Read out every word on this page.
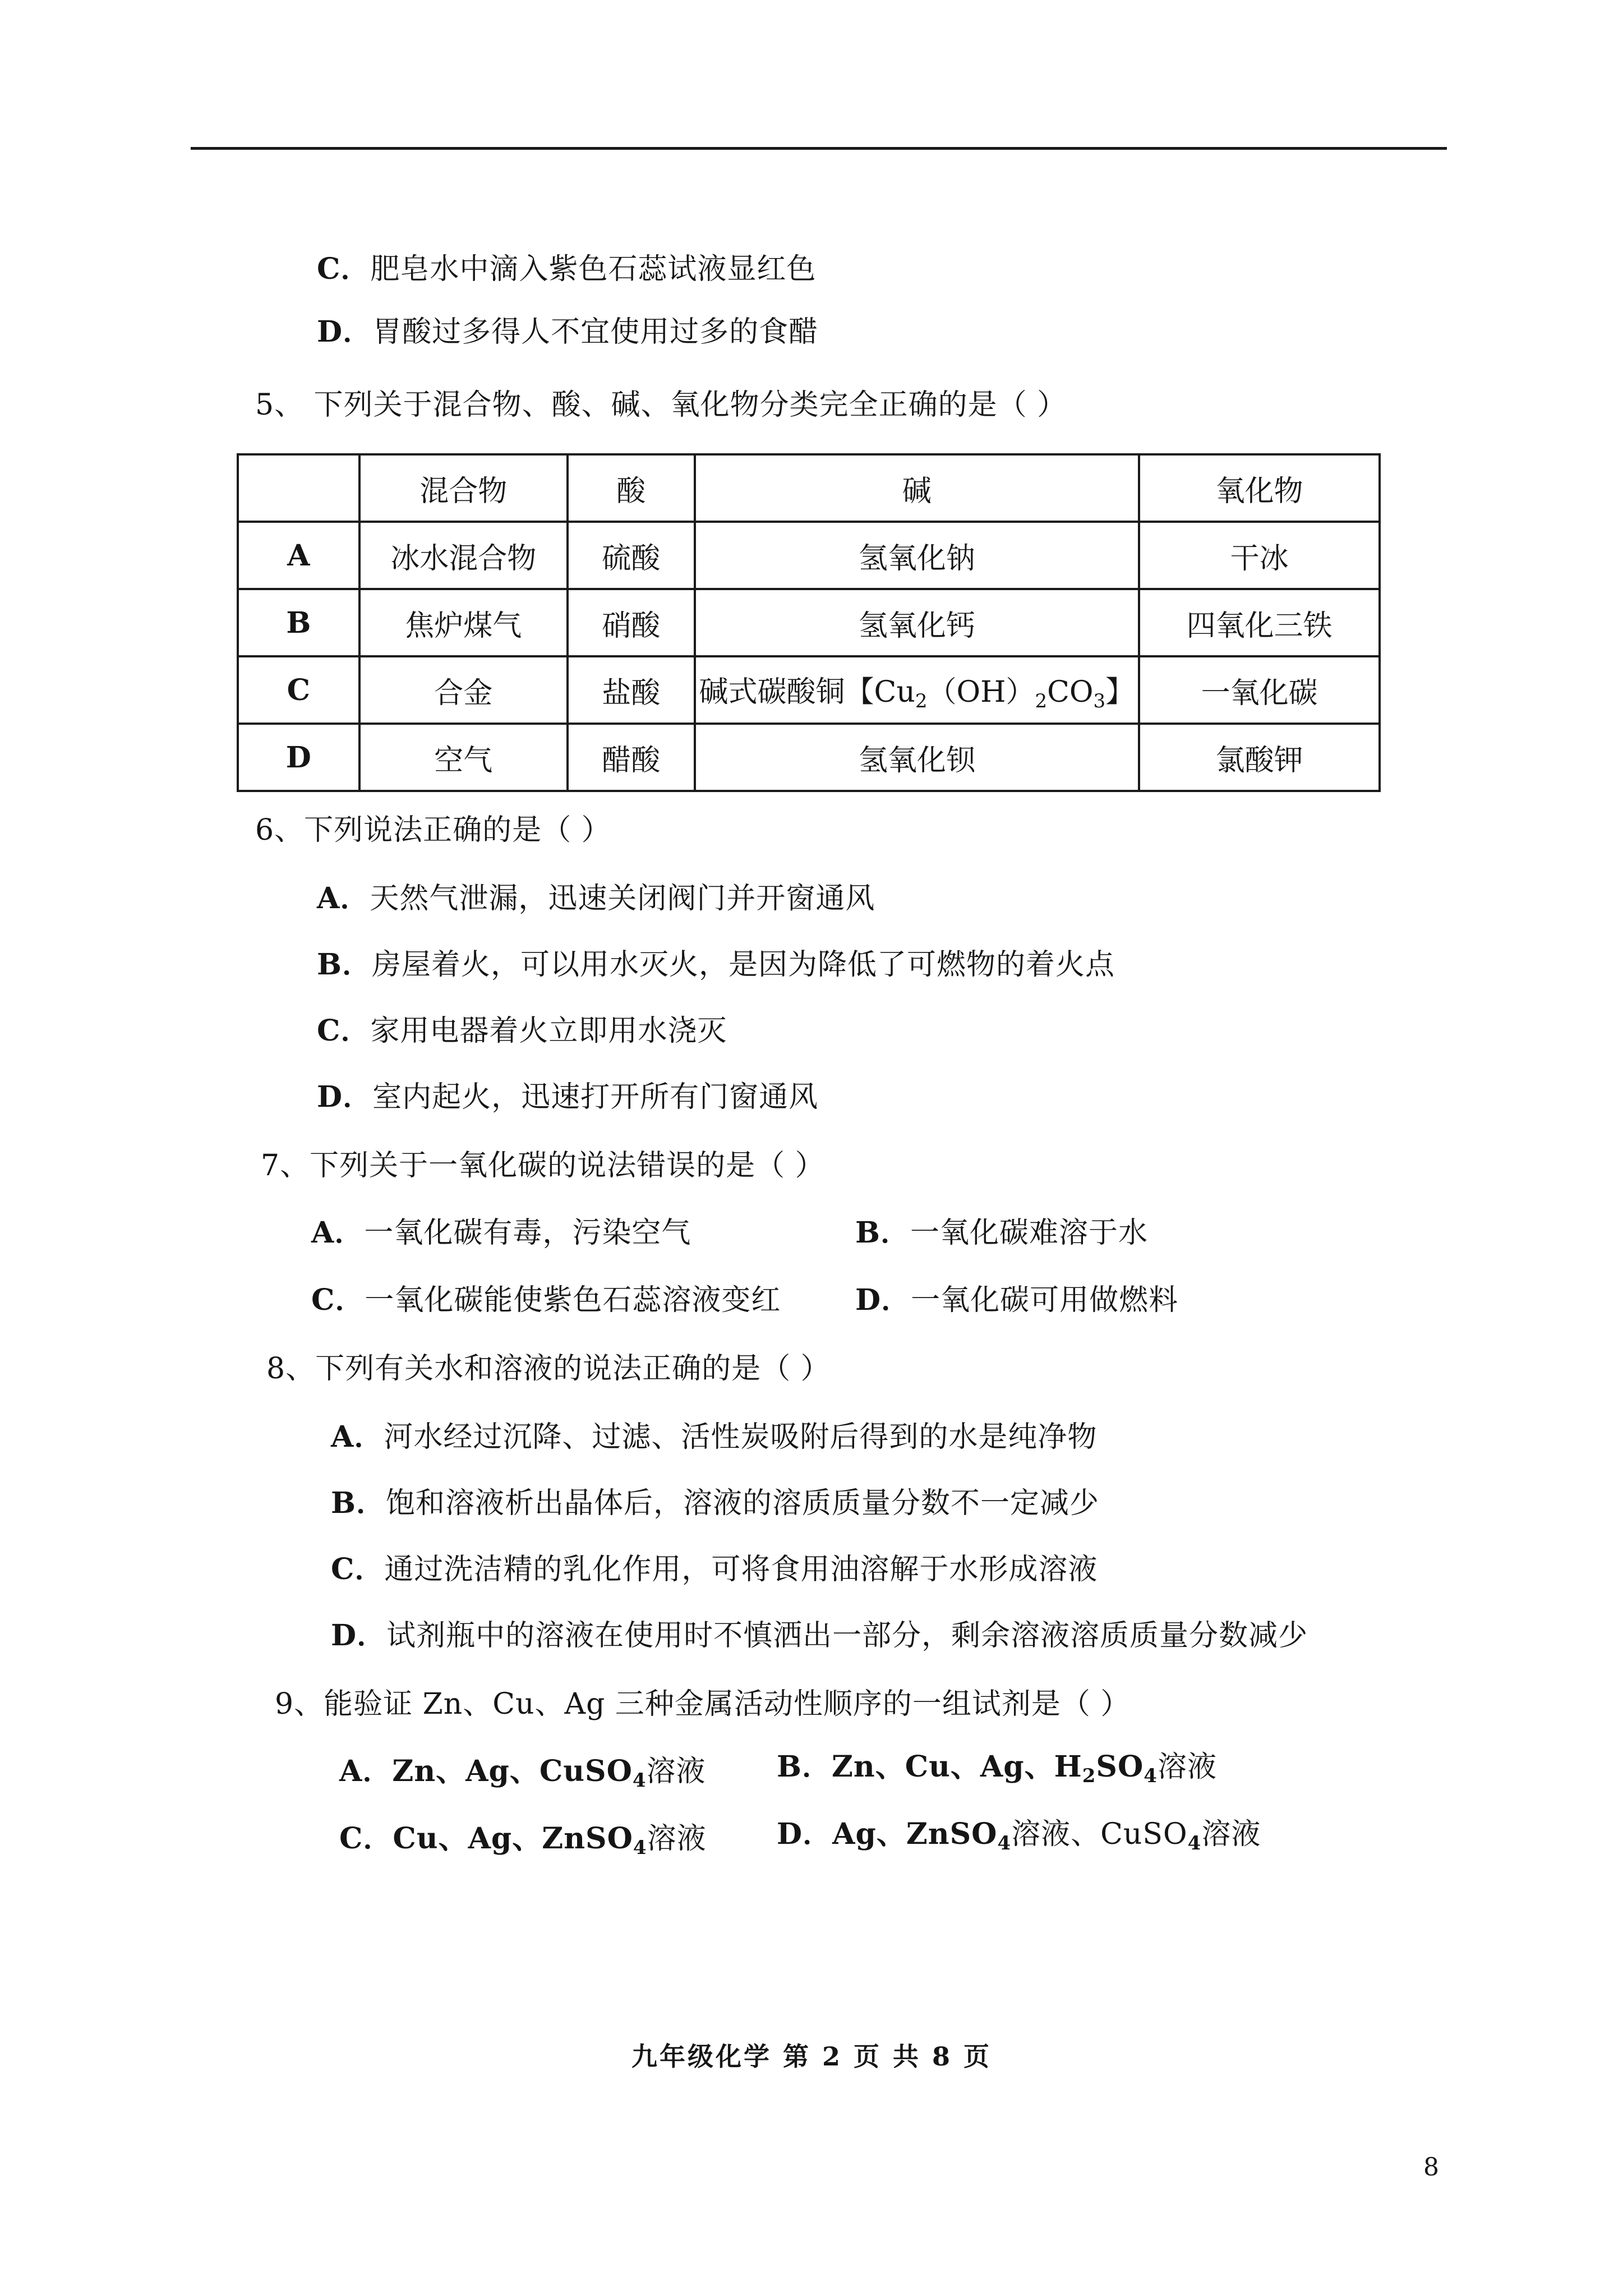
C．肥皂水中滴入紫色石蕊试液显红色
D．胃酸过多得人不宜使用过多的食醋
5、 下列关于混合物、酸、碱、氧化物分类完全正确的是（ ）
	混合物	酸	碱	氧化物
A	冰水混合物	硫酸	氢氧化钠	干冰
B	焦炉煤气	硝酸	氢氧化钙	四氧化三铁
C	合金	盐酸	碱式碳酸铜【$Cu_2(OH)_2CO_3$】	一氧化碳
D	空气	醋酸	氢氧化钡	氯酸钾
6、下列说法正确的是（ ）
A．天然气泄漏，迅速关闭阀门并开窗通风
B．房屋着火，可以用水灭火，是因为降低了可燃物的着火点
C．家用电器着火立即用水浇灭
D．室内起火，迅速打开所有门窗通风
7、下列关于一氧化碳的说法错误的是（ ）
A．一氧化碳有毒，污染空气	B．一氧化碳难溶于水
C．一氧化碳能使紫色石蕊溶液变红	D．一氧化碳可用做燃料
8、下列有关水和溶液的说法正确的是（ ）
A．河水经过沉降、过滤、活性炭吸附后得到的水是纯净物
B．饱和溶液析出晶体后，溶液的溶质质量分数不一定减少
C．通过洗洁精的乳化作用，可将食用油溶解于水形成溶液
D．试剂瓶中的溶液在使用时不慎洒出一部分，剩余溶液溶质质量分数减少
9、能验证 Zn、Cu、Ag 三种金属活动性顺序的一组试剂是（ ）
A．Zn、Ag、CuSO$_4$溶液 B．Zn、Cu、Ag、$H_2SO_4$溶液
C．Cu、Ag、ZnSO$_4$溶液 D．Ag、ZnSO$_4$溶液、CuSO$_4$溶液
九年级化学 第 2 页 共 8 页
8
